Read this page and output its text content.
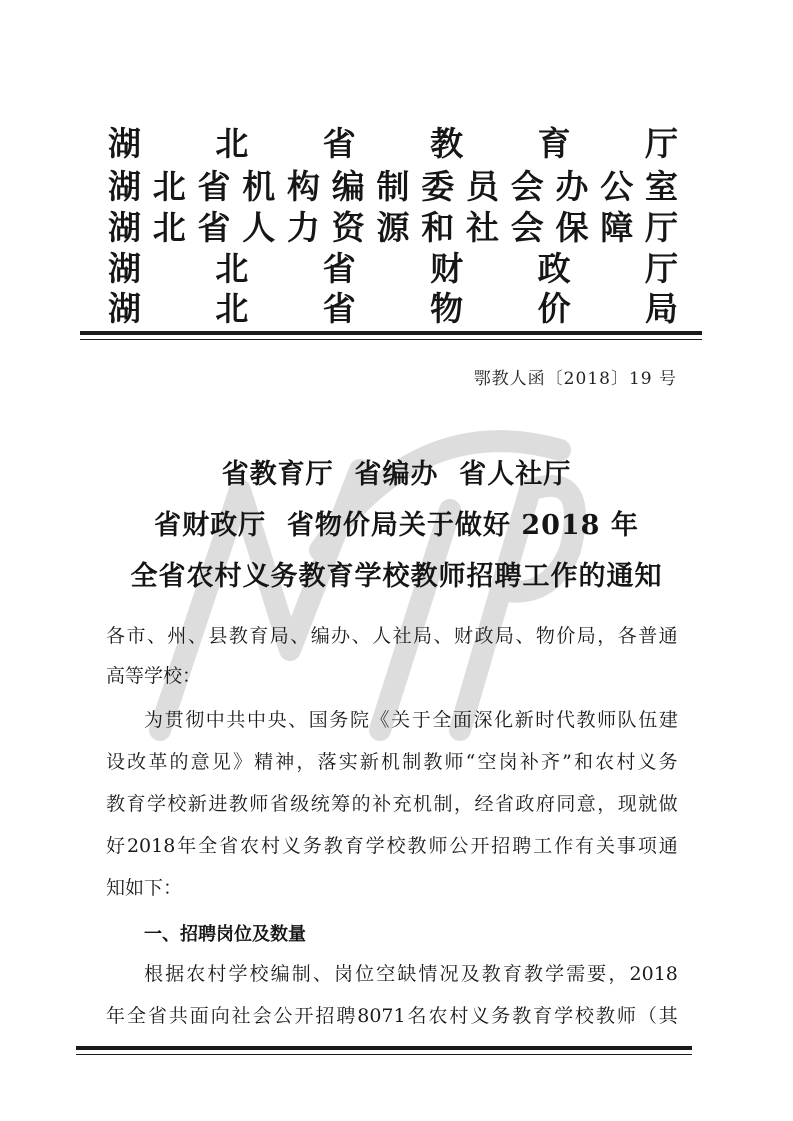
湖 北 省 教 育 厅
湖 北 省 机 构 编 制 委 员 会 办 公 室
湖 北 省 人 力 资 源 和 社 会 保 障 厅
湖 北 省 财 政 厅
湖 北 省 物 价 局
鄂教人函〔2018〕19 号
省教育厅  省编办  省人社厅
省财政厅  省物价局关于做好 2018 年
全省农村义务教育学校教师招聘工作的通知
各 市 、 州 、 县 教 育 局 、 编 办 、 人 社 局 、 财 政 局 、 物 价 局 ， 各 普 通
高等学校：
为 贯 彻 中 共 中 央 、 国 务 院 《 关 于 全 面 深 化 新 时 代 教 师 队 伍 建
设 改 革 的 意 见 》 精 神 ， 落 实 新 机 制 教 师 “ 空 岗 补 齐 ” 和 农 村 义 务
教 育 学 校 新 进 教 师 省 级 统 筹 的 补 充 机 制 ， 经 省 政 府 同 意 ， 现 就 做
好 2018 年 全 省 农 村 义 务 教 育 学 校 教 师 公 开 招 聘 工 作 有 关 事 项 通
知如下：
一、招聘岗位及数量
根 据 农 村 学 校 编 制 、 岗 位 空 缺 情 况 及 教 育 教 学 需 要 ， 2018
年 全 省 共 面 向 社 会 公 开 招 聘 8071 名 农 村 义 务 教 育 学 校 教 师 （ 其
